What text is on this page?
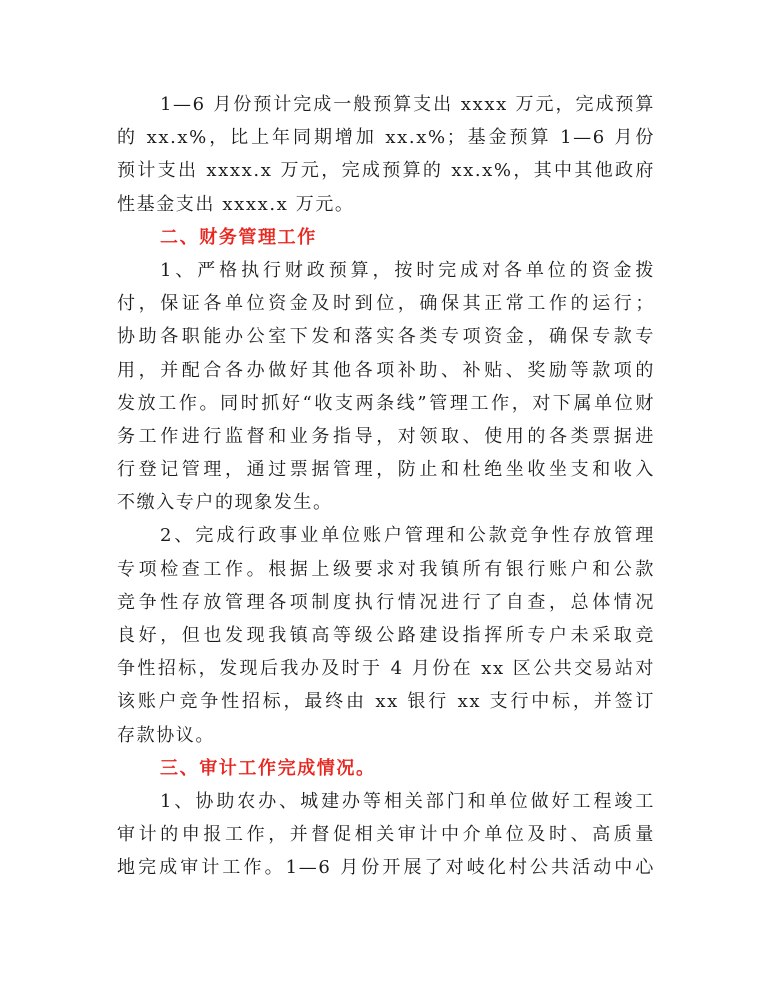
1—6 月份预计完成一般预算支出 xxxx 万元，完成预算
的 xx.x%，比上年同期增加 xx.x%；基金预算 1—6 月份
预计支出 xxxx.x 万元，完成预算的 xx.x%，其中其他政府
性基金支出 xxxx.x 万元。
二、财务管理工作
1、严格执行财政预算，按时完成对各单位的资金拨
付，保证各单位资金及时到位，确保其正常工作的运行；
协助各职能办公室下发和落实各类专项资金，确保专款专
用，并配合各办做好其他各项补助、补贴、奖励等款项的
发放工作。同时抓好“收支两条线”管理工作，对下属单位财
务工作进行监督和业务指导，对领取、使用的各类票据进
行登记管理，通过票据管理，防止和杜绝坐收坐支和收入
不缴入专户的现象发生。
2、完成行政事业单位账户管理和公款竞争性存放管理
专项检查工作。根据上级要求对我镇所有银行账户和公款
竞争性存放管理各项制度执行情况进行了自查，总体情况
良好，但也发现我镇高等级公路建设指挥所专户未采取竞
争性招标，发现后我办及时于 4 月份在 xx 区公共交易站对
该账户竞争性招标，最终由 xx 银行 xx 支行中标，并签订
存款协议。
三、审计工作完成情况。
1、协助农办、城建办等相关部门和单位做好工程竣工
审计的申报工作，并督促相关审计中介单位及时、高质量
地完成审计工作。1—6 月份开展了对岐化村公共活动中心
